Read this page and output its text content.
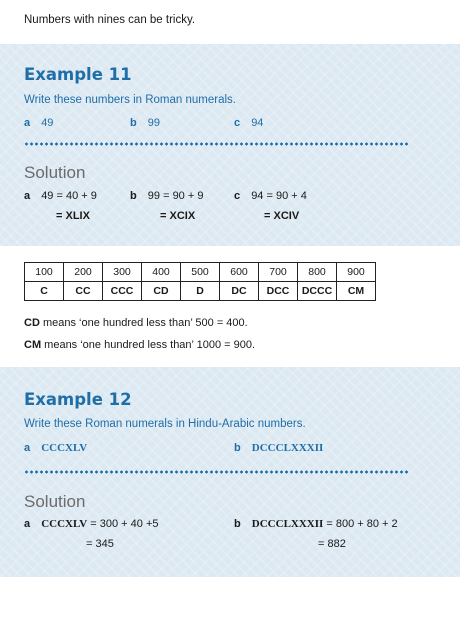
Numbers with nines can be tricky.
Example 11
Write these numbers in Roman numerals.
a 49	b 99	c 94
Solution
a 49 = 40 + 9
= XLIX
b 99 = 90 + 9
= XCIX
c 94 = 90 + 4
= XCIV
100	200	300	400	500	600	700	800	900
C	CC	CCC	CD	D	DC	DCC	DCCC	CM
CD means ‘one hundred less than’ 500 = 400.
CM means ‘one hundred less than’ 1000 = 900.
Example 12
Write these Roman numerals in Hindu-Arabic numbers.
a CCCXLV	b DCCCLXXXII
Solution
a CCCXLV = 300 + 40 +5
= 345
b DCCCLXXXII = 800 + 80 + 2
= 882
